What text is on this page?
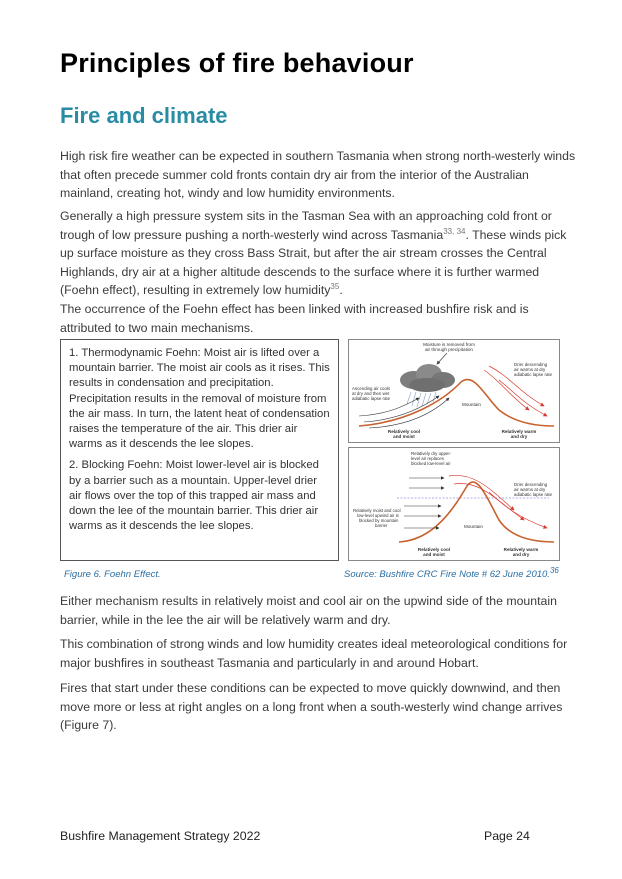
Principles of fire behaviour
Fire and climate
High risk fire weather can be expected in southern Tasmania when strong north-westerly winds that often precede summer cold fronts contain dry air from the interior of the Australian mainland, creating hot, windy and low humidity environments.
Generally a high pressure system sits in the Tasman Sea with an approaching cold front or trough of low pressure pushing a north-westerly wind across Tasmania$^{33, 34}$. These winds pick up surface moisture as they cross Bass Strait, but after the air stream crosses the Central Highlands, dry air at a higher altitude descends to the surface where it is further warmed (Foehn effect), resulting in extremely low humidity$^{35}$.
The occurrence of the Foehn effect has been linked with increased bushfire risk and is attributed to two main mechanisms.

1. Thermodynamic Foehn: Moist air is lifted over a mountain barrier. The moist air cools as it rises. This results in condensation and precipitation. Precipitation results in the removal of moisture from the air mass. In turn, the latent heat of condensation raises the temperature of the air. This drier air warms as it descends the lee slopes.

2. Blocking Foehn: Moist lower-level air is blocked by a barrier such as a mountain. Upper-level drier air flows over the top of this trapped air mass and down the lee of the mountain barrier. This drier air warms as it descends the lee slopes.

Moisture is removed from
air through precipitation
Ascending air cools
at dry and then wet
adiabatic lapse rate
Drier descending
air warms at dry
adiabatic lapse rate
Mountain
Relatively cool
and moist
Relatively warm
and dry
Relatively dry upper-
level air replaces
blocked low-level air
Drier descending
air warms at dry
adiabatic lapse rate
Relatively moist and cool
low-level upwind air is
blocked by mountain
barrier	Mountain
Relatively cool
and moist
Relatively warm
and dry
Figure 6. Foehn Effect.	Source: Bushfire CRC Fire Note # 62 June 2010.36
Either mechanism results in relatively moist and cool air on the upwind side of the mountain barrier, while in the lee the air will be relatively warm and dry.
This combination of strong winds and low humidity creates ideal meteorological conditions for major bushfires in southeast Tasmania and particularly in and around Hobart.
Fires that start under these conditions can be expected to move quickly downwind, and then move more or less at right angles on a long front when a south-westerly wind change arrives (Figure 7).
Bushfire Management Strategy 2022	Page 24
